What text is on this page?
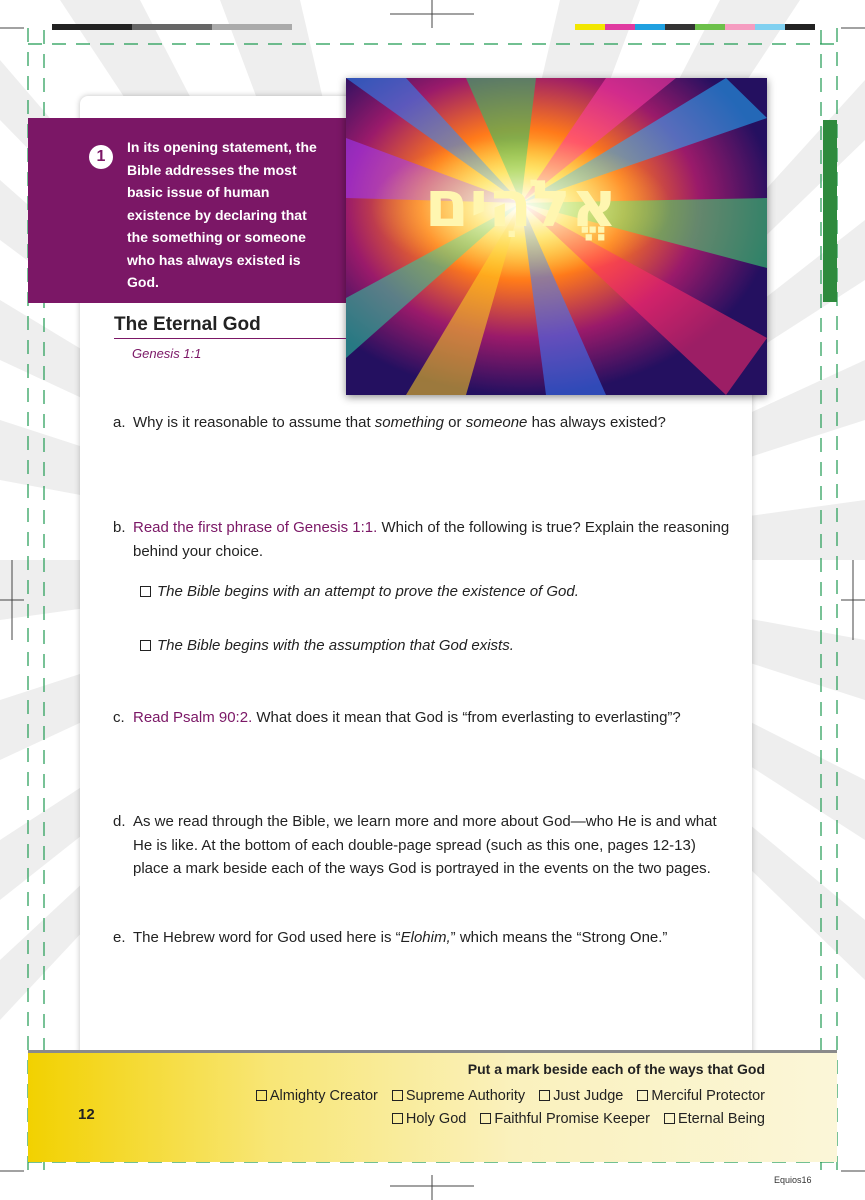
1
In its opening statement, the Bible addresses the most basic issue of human existence by declaring that the something or someone who has always existed is God.
אֱלֹהִים
The Eternal God
Genesis 1:1
a. Why is it reasonable to assume that something or someone has always existed?
b. Read the first phrase of Genesis 1:1. Which of the following is true? Explain the reasoning behind your choice.
The Bible begins with an attempt to prove the existence of God.
The Bible begins with the assumption that God exists.
c. Read Psalm 90:2. What does it mean that God is “from everlasting to everlasting”?
d. As we read through the Bible, we learn more and more about God—who He is and what He is like. At the bottom of each double-page spread (such as this one, pages 12-13) place a mark beside each of the ways God is portrayed in the events on the two pages.
e. The Hebrew word for God used here is “Elohim,” which means the “Strong One.”
12
Put a mark beside each of the ways that God
Almighty Creator Supreme Authority Just Judge Merciful Protector
Holy God Faithful Promise Keeper Eternal Being
Equios16
